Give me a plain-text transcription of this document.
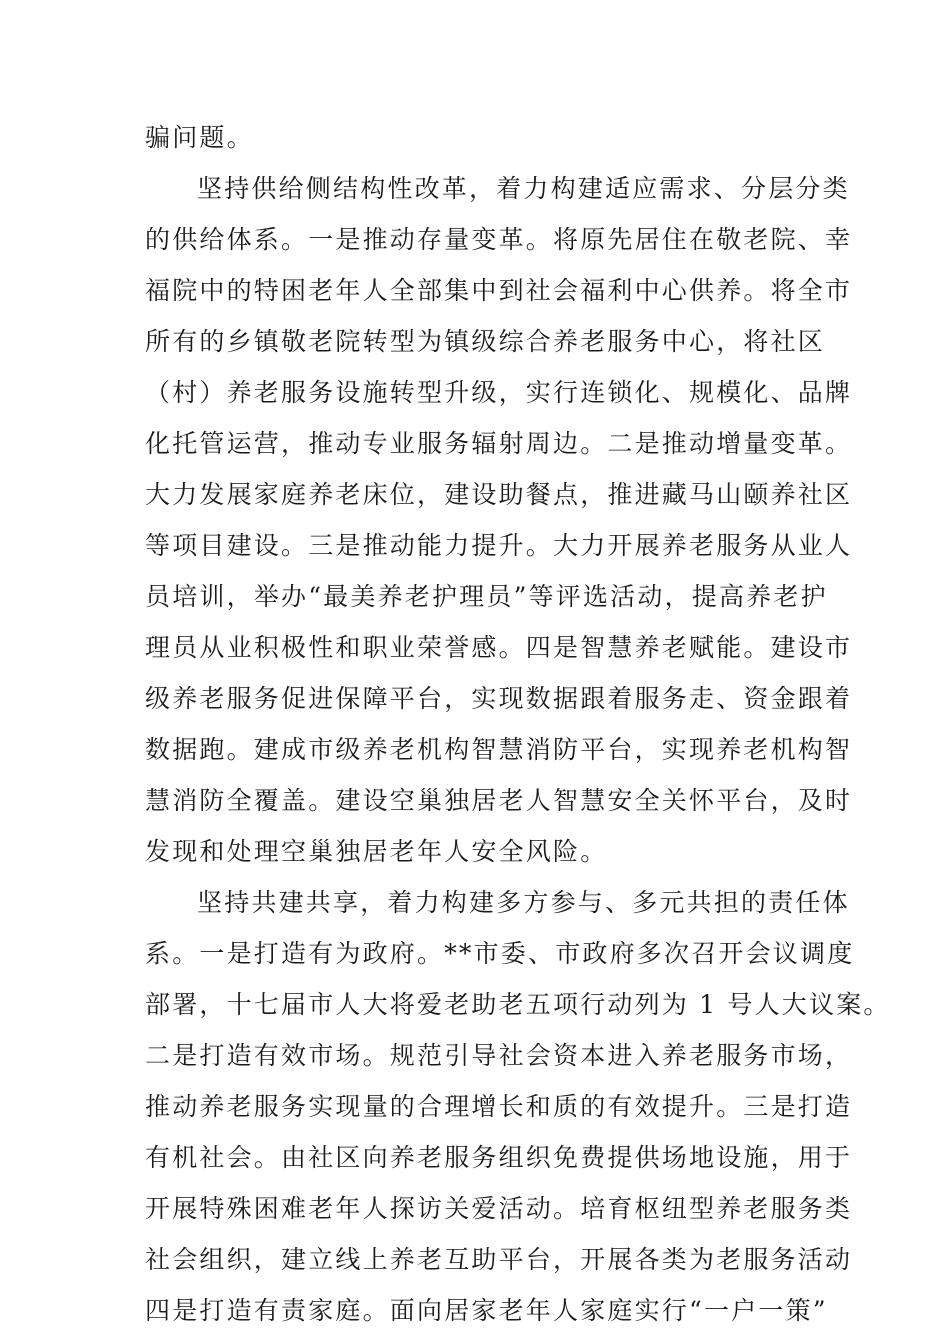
骗问题。
坚持供给侧结构性改革，着力构建适应需求、分层分类
的供给体系。一是推动存量变革。将原先居住在敬老院、幸
福院中的特困老年人全部集中到社会福利中心供养。将全市
所有的乡镇敬老院转型为镇级综合养老服务中心，将社区
（村）养老服务设施转型升级，实行连锁化、规模化、品牌
化托管运营，推动专业服务辐射周边。二是推动增量变革。
大力发展家庭养老床位，建设助餐点，推进藏马山颐养社区
等项目建设。三是推动能力提升。大力开展养老服务从业人
员培训，举办“最美养老护理员”等评选活动，提高养老护
理员从业积极性和职业荣誉感。四是智慧养老赋能。建设市
级养老服务促进保障平台，实现数据跟着服务走、资金跟着
数据跑。建成市级养老机构智慧消防平台，实现养老机构智
慧消防全覆盖。建设空巢独居老人智慧安全关怀平台，及时
发现和处理空巢独居老年人安全风险。
坚持共建共享，着力构建多方参与、多元共担的责任体
系。一是打造有为政府。**市委、市政府多次召开会议调度
部署，十七届市人大将爱老助老五项行动列为 1 号人大议案。
二是打造有效市场。规范引导社会资本进入养老服务市场，
推动养老服务实现量的合理增长和质的有效提升。三是打造
有机社会。由社区向养老服务组织免费提供场地设施，用于
开展特殊困难老年人探访关爱活动。培育枢纽型养老服务类
社会组织，建立线上养老互助平台，开展各类为老服务活动
四是打造有责家庭。面向居家老年人家庭实行“一户一策”
